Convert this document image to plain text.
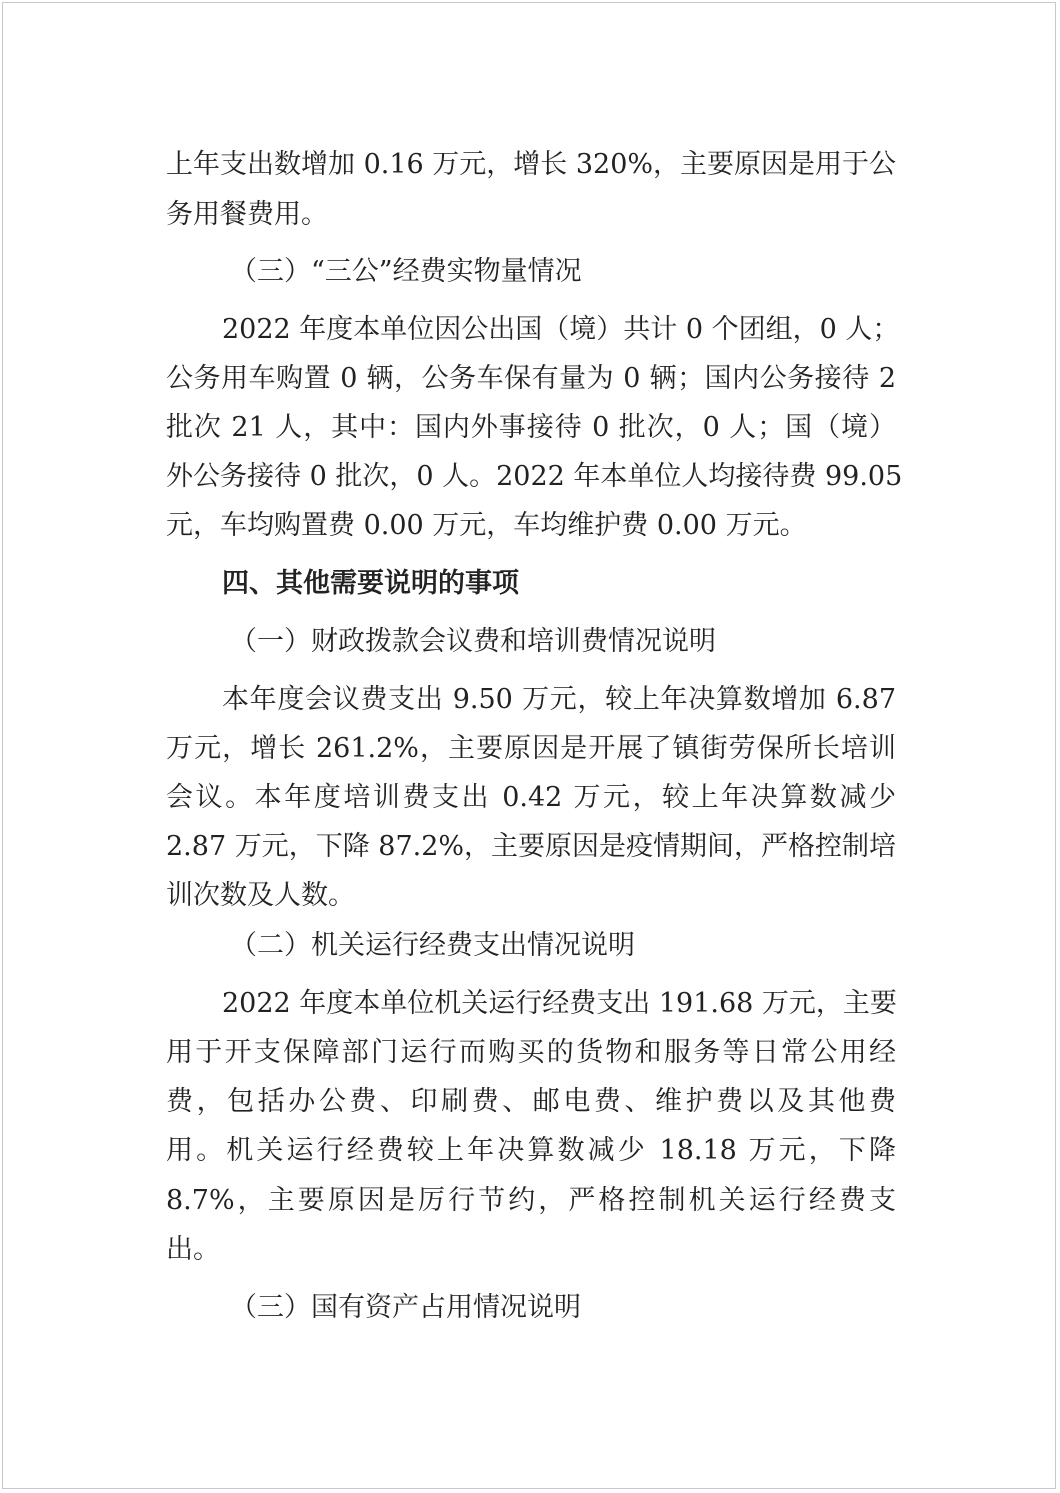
上年支出数增加 0.16 万元，增长 320%，主要原因是用于公
务用餐费用。
（三）“三公”经费实物量情况
2022 年度本单位因公出国（境）共计 0 个团组，0 人；
公务用车购置 0 辆，公务车保有量为 0 辆；国内公务接待 2
批次 21 人，其中：国内外事接待 0 批次，0 人；国（境）
外公务接待 0 批次，0 人。2022 年本单位人均接待费 99.05
元，车均购置费 0.00 万元，车均维护费 0.00 万元。
四、其他需要说明的事项
（一）财政拨款会议费和培训费情况说明
本年度会议费支出 9.50 万元，较上年决算数增加 6.87
万元，增长 261.2%，主要原因是开展了镇街劳保所长培训
会议。本年度培训费支出 0.42 万元，较上年决算数减少
2.87 万元，下降 87.2%，主要原因是疫情期间，严格控制培
训次数及人数。
（二）机关运行经费支出情况说明
2022 年度本单位机关运行经费支出 191.68 万元，主要
用于开支保障部门运行而购买的货物和服务等日常公用经
费，包括办公费、印刷费、邮电费、维护费以及其他费
用。机关运行经费较上年决算数减少 18.18 万元，下降
8.7%，主要原因是厉行节约，严格控制机关运行经费支
出。
（三）国有资产占用情况说明
